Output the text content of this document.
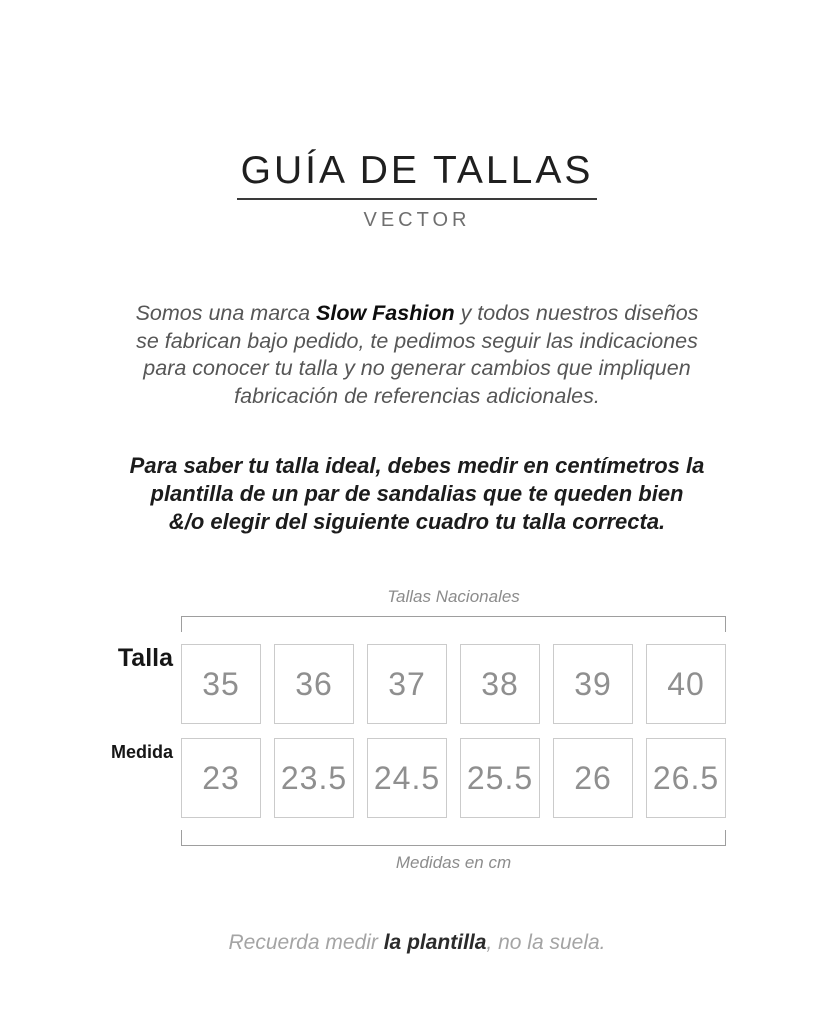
GUÍA DE TALLAS
VECTOR
Somos una marca Slow Fashion y todos nuestros diseños
se fabrican bajo pedido, te pedimos seguir las indicaciones
para conocer tu talla y no generar cambios que impliquen
fabricación de referencias adicionales.
Para saber tu talla ideal, debes medir en centímetros la
plantilla de un par de sandalias que te queden bien
&/o elegir del siguiente cuadro tu talla correcta.
Tallas Nacionales
Talla
35 36 37 38 39 40
Medida
23 23.5 24.5 25.5 26 26.5
Medidas en cm
Recuerda medir la plantilla, no la suela.
